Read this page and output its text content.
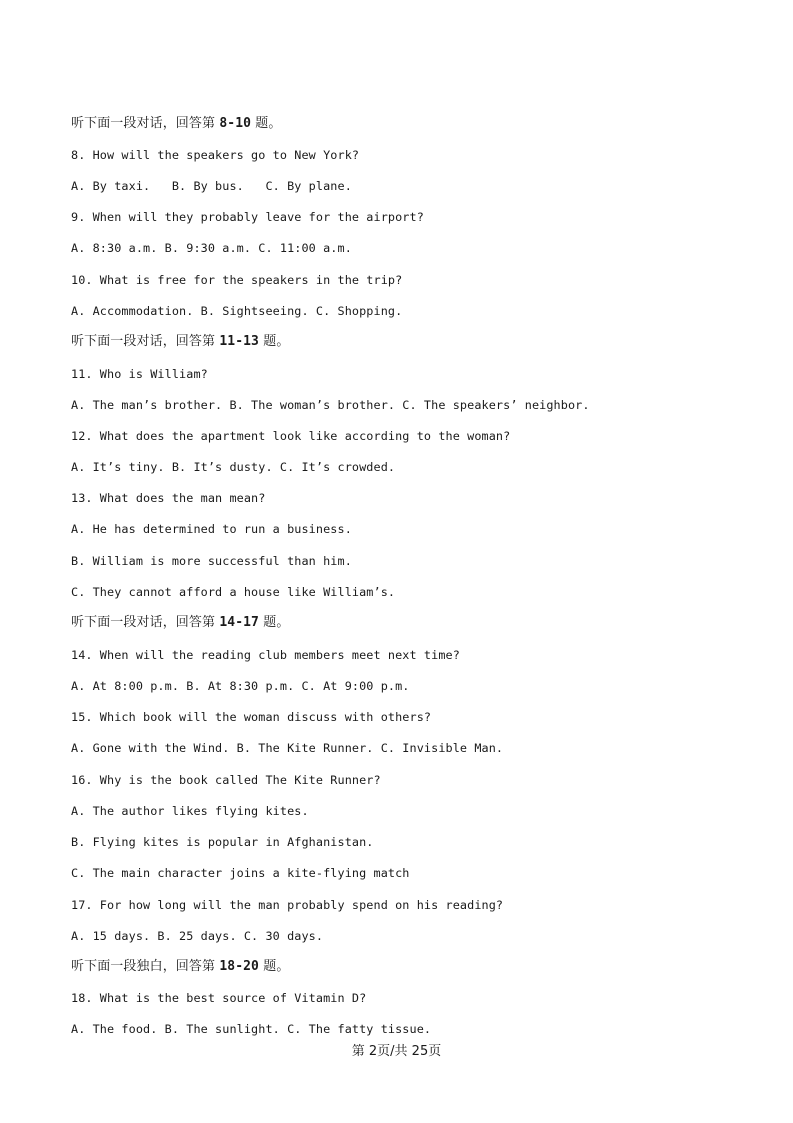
听下面一段对话，回答第 8-10 题。
8. How will the speakers go to New York?
A. By taxi.   B. By bus.   C. By plane.
9. When will they probably leave for the airport?
A. 8:30 a.m. B. 9:30 a.m. C. 11:00 a.m.
10. What is free for the speakers in the trip?
A. Accommodation. B. Sightseeing. C. Shopping.
听下面一段对话，回答第 11-13 题。
11. Who is William?
A. The man’s brother. B. The woman’s brother. C. The speakers’ neighbor.
12. What does the apartment look like according to the woman?
A. It’s tiny. B. It’s dusty. C. It’s crowded.
13. What does the man mean?
A. He has determined to run a business.
B. William is more successful than him.
C. They cannot afford a house like William’s.
听下面一段对话，回答第 14-17 题。
14. When will the reading club members meet next time?
A. At 8:00 p.m. B. At 8:30 p.m. C. At 9:00 p.m.
15. Which book will the woman discuss with others?
A. Gone with the Wind. B. The Kite Runner. C. Invisible Man.
16. Why is the book called The Kite Runner?
A. The author likes flying kites.
B. Flying kites is popular in Afghanistan.
C. The main character joins a kite-flying match
17. For how long will the man probably spend on his reading?
A. 15 days. B. 25 days. C. 30 days.
听下面一段独白，回答第 18-20 题。
18. What is the best source of Vitamin D?
A. The food. B. The sunlight. C. The fatty tissue.
第 2页/共 25页
